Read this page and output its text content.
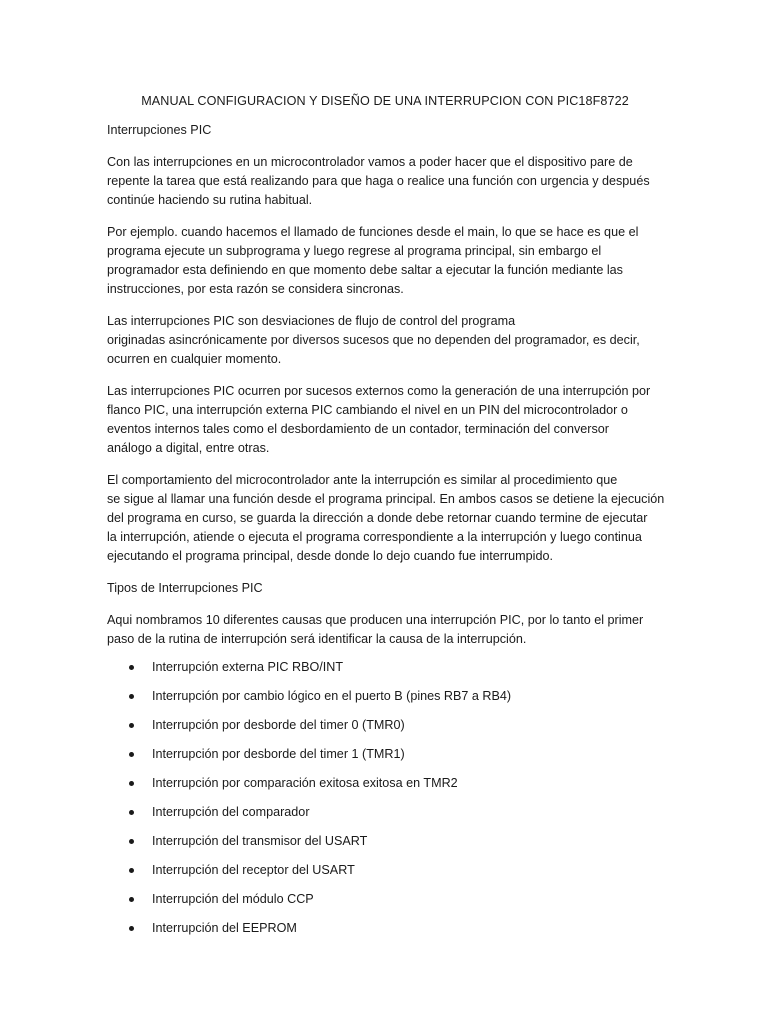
MANUAL CONFIGURACION Y DISEÑO DE UNA INTERRUPCION CON PIC18F8722
Interrupciones PIC
Con las interrupciones en un microcontrolador vamos a poder hacer que el dispositivo pare de
repente la tarea que está realizando para que haga o realice una función con urgencia y después
continúe haciendo su rutina habitual.
Por ejemplo. cuando hacemos el llamado de funciones desde el main, lo que se hace es que el
programa ejecute un subprograma y luego regrese al programa principal, sin embargo el
programador esta definiendo en que momento debe saltar a ejecutar la función mediante las
instrucciones, por esta razón se considera sincronas.
Las interrupciones PIC son desviaciones de flujo de control del programa
originadas asincrónicamente por diversos sucesos que no dependen del programador, es decir,
ocurren en cualquier momento.
Las interrupciones PIC ocurren por sucesos externos como la generación de una interrupción por
flanco PIC, una interrupción externa PIC cambiando el nivel en un PIN del microcontrolador o
eventos internos tales como el desbordamiento de un contador, terminación del conversor
análogo a digital, entre otras.
El comportamiento del microcontrolador ante la interrupción es similar al procedimiento que
se sigue al llamar una función desde el programa principal. En ambos casos se detiene la ejecución
del programa en curso, se guarda la dirección a donde debe retornar cuando termine de ejecutar
la interrupción, atiende o ejecuta el programa correspondiente a la interrupción y luego continua
ejecutando el programa principal, desde donde lo dejo cuando fue interrumpido.
Tipos de Interrupciones PIC
Aqui nombramos 10 diferentes causas que producen una interrupción PIC, por lo tanto el primer
paso de la rutina de interrupción será identificar la causa de la interrupción.
Interrupción externa PIC RBO/INT
Interrupción por cambio lógico en el puerto B (pines RB7 a RB4)
Interrupción por desborde del timer 0 (TMR0)
Interrupción por desborde del timer 1 (TMR1)
Interrupción por comparación exitosa exitosa en TMR2
Interrupción del comparador
Interrupción del transmisor del USART
Interrupción del receptor del USART
Interrupción del módulo CCP
Interrupción del EEPROM
